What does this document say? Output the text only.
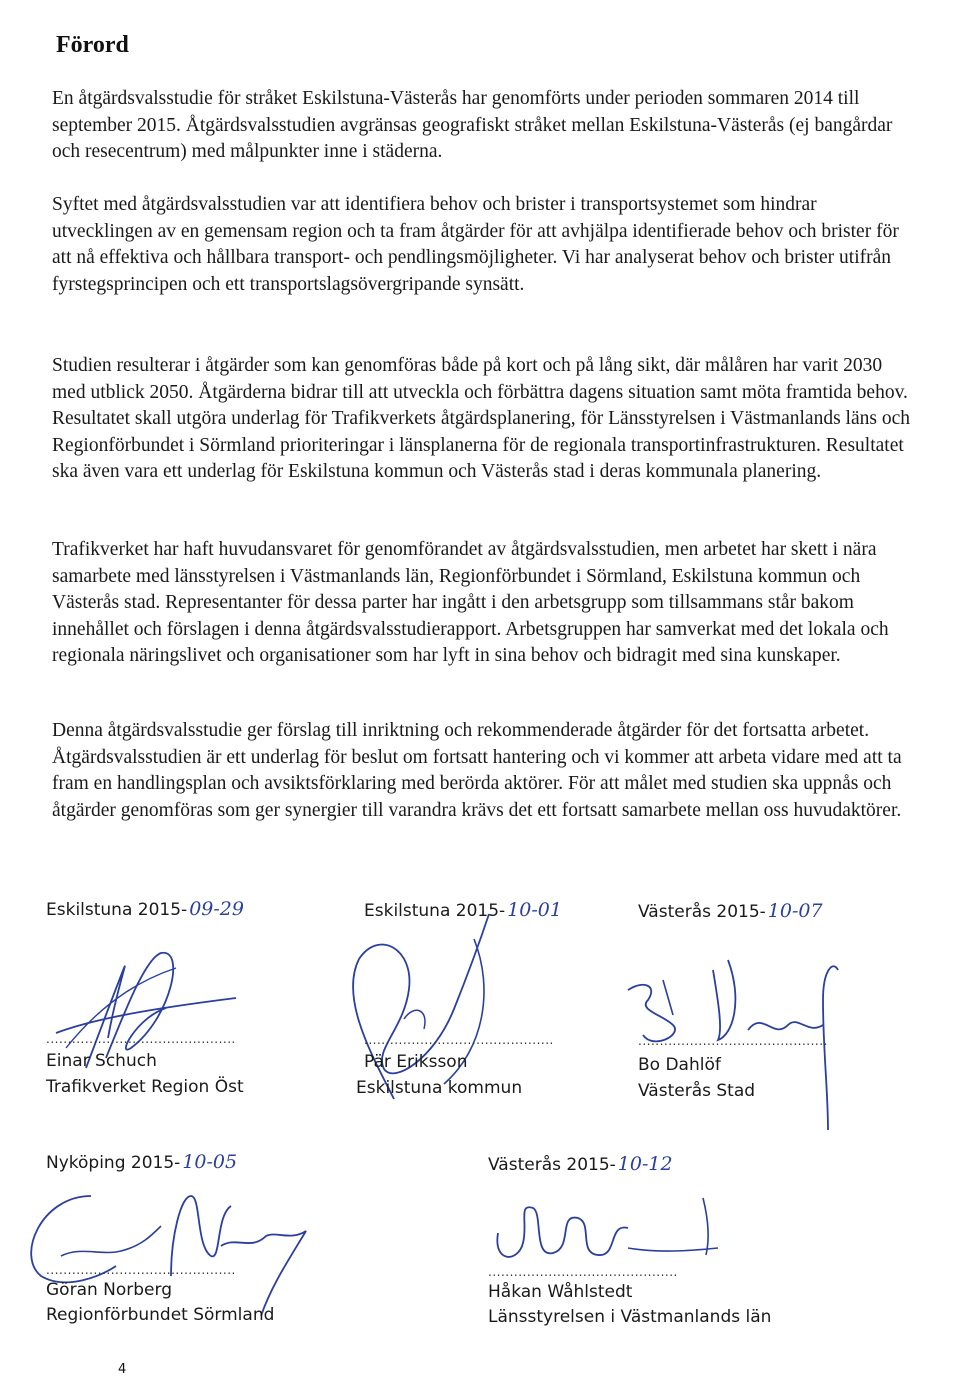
Förord

En åtgärdsvalsstudie för stråket Eskilstuna-Västerås har genomförts under perioden sommaren 2014 till september 2015. Åtgärdsvalsstudien avgränsas geografiskt stråket mellan Eskilstuna-Västerås (ej bangårdar och resecentrum) med målpunkter inne i städerna.

Syftet med åtgärdsvalsstudien var att identifiera behov och brister i transportsystemet som hindrar utvecklingen av en gemensam region och ta fram åtgärder för att avhjälpa identifierade behov och brister för att nå effektiva och hållbara transport- och pendlingsmöjligheter. Vi har analyserat behov och brister utifrån fyrstegsprincipen och ett transportslagsövergripande synsätt.

Studien resulterar i åtgärder som kan genomföras både på kort och på lång sikt, där målåren har varit 2030 med utblick 2050. Åtgärderna bidrar till att utveckla och förbättra dagens situation samt möta framtida behov. Resultatet skall utgöra underlag för Trafikverkets åtgärdsplanering, för Länsstyrelsen i Västmanlands läns och Regionförbundet i Sörmland prioriteringar i länsplanerna för de regionala transportinfrastrukturen. Resultatet ska även vara ett underlag för Eskilstuna kommun och Västerås stad i deras kommunala planering.

Trafikverket har haft huvudansvaret för genomförandet av åtgärdsvalsstudien, men arbetet har skett i nära samarbete med länsstyrelsen i Västmanlands län, Regionförbundet i Sörmland, Eskilstuna kommun och Västerås stad. Representanter för dessa parter har ingått i den arbetsgrupp som tillsammans står bakom innehållet och förslagen i denna åtgärdsvalsstudierapport. Arbetsgruppen har samverkat med det lokala och regionala näringslivet och organisationer som har lyft in sina behov och bidragit med sina kunskaper.

Denna åtgärdsvalsstudie ger förslag till inriktning och rekommenderade åtgärder för det fortsatta arbetet. Åtgärdsvalsstudien är ett underlag för beslut om fortsatt hantering och vi kommer att arbeta vidare med att ta fram en handlingsplan och avsiktsförklaring med berörda aktörer. För att målet med studien ska uppnås och åtgärder genomföras som ger synergier till varandra krävs det ett fortsatt samarbete mellan oss huvudaktörer.

Eskilstuna 2015- 09-29
............................................
Einar Schuch
Trafikverket Region Öst
Eskilstuna 2015- 10-01
............................................
Pär Eriksson
Eskilstuna kommun
Västerås 2015- 10-07
............................................
Bo Dahlöf
Västerås Stad
Nyköping 2015- 10-05
............................................
Göran Norberg
Regionförbundet Sörmland
Västerås 2015- 10-12
............................................
Håkan Wåhlstedt
Länsstyrelsen i Västmanlands län
4
